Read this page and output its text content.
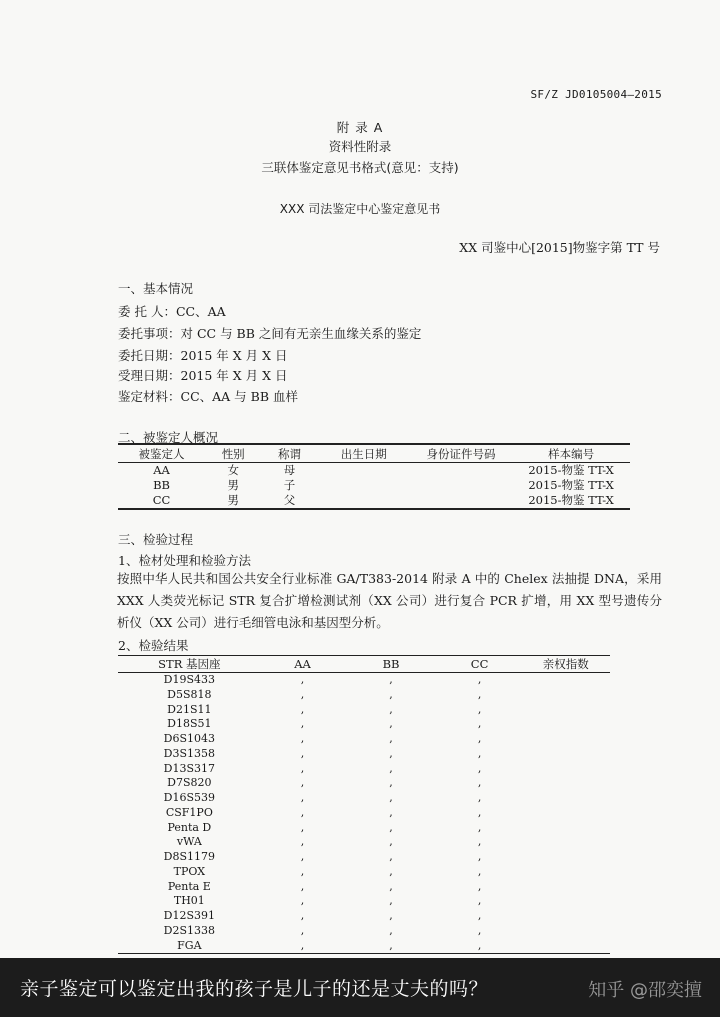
SF/Z JD0105004—2015
附 录 A
资料性附录
三联体鉴定意见书格式(意见：支持)
XXX 司法鉴定中心鉴定意见书
XX 司鉴中心[2015]物鉴字第 TT 号
一、基本情况
委 托 人：CC、AA
委托事项：对 CC 与 BB 之间有无亲生血缘关系的鉴定
委托日期：2015 年 X 月 X 日
受理日期：2015 年 X 月 X 日
鉴定材料：CC、AA 与 BB 血样
二、被鉴定人概况
被鉴定人	性别	称谓	出生日期	身份证件号码	样本编号
AA	女	母			2015-物鉴 TT-X
BB	男	子			2015-物鉴 TT-X
CC	男	父			2015-物鉴 TT-X
三、检验过程
1、检材处理和检验方法
按照中华人民共和国公共安全行业标准 GA/T383-2014 附录 A 中的 Chelex 法抽提 DNA，采用 XXX 人类荧光标记 STR 复合扩增检测试剂（XX 公司）进行复合 PCR 扩增，用 XX 型号遗传分析仪（XX 公司）进行毛细管电泳和基因型分析。
2、检验结果
STR 基因座	AA	BB	CC	亲权指数
D19S433	,	,	,	
D5S818	,	,	,	
D21S11	,	,	,	
D18S51	,	,	,	
D6S1043	,	,	,	
D3S1358	,	,	,	
D13S317	,	,	,	
D7S820	,	,	,	
D16S539	,	,	,	
CSF1PO	,	,	,	
Penta D	,	,	,	
vWA	,	,	,	
D8S1179	,	,	,	
TPOX	,	,	,	
Penta E	,	,	,	
TH01	,	,	,	
D12S391	,	,	,	
D2S1338	,	,	,	
FGA	,	,	,	
亲子鉴定可以鉴定出我的孩子是儿子的还是丈夫的吗？	知乎 @邵奕擅
